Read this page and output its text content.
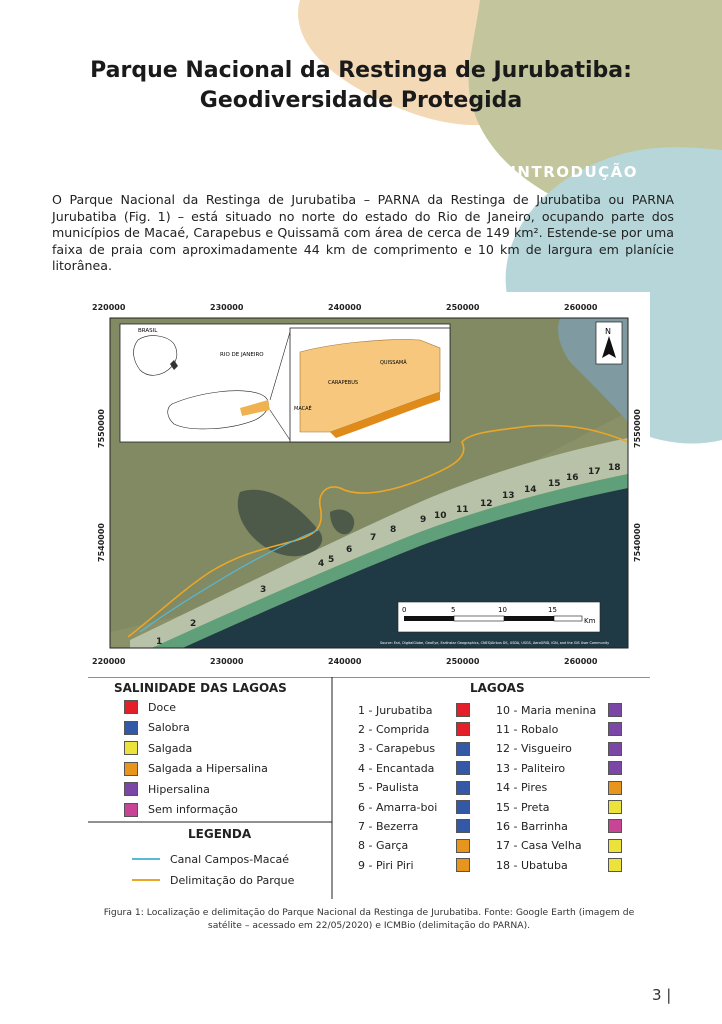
Parque Nacional da Restinga de Jurubatiba:
Geodiversidade Protegida
INTRODUÇÃO

O Parque Nacional da Restinga de Jurubatiba – PARNA da Restinga de Jurubatiba ou PARNA Jurubatiba (Fig. 1) – está situado no norte do estado do Rio de Janeiro, ocupando parte dos municípios de Macaé, Carapebus e Quissamã com área de cerca de 149 km². Estende-se por uma faixa de praia com aproximadamente 44 km de comprimento e 10 km de largura em planície litorânea.

BRASIL
RIO DE JANEIRO
QUISSAMÃ
CARAPEBUS
MACAÉ
N
0	5	10	15
Km
Source: Esri, DigitalGlobe, GeoEye, Earthstar Geographics, CNES/Airbus DS, USDA, USGS, AeroGRID, IGN, and the GIS User Community
220000	230000	240000	250000	260000
220000	230000	240000	250000	260000
7550000
7540000
7550000
7540000
1
2
3
4 5
6
7
8
9 10
11
12
13
14
15
16
17 18
SALINIDADE DAS LAGOAS
Doce
Salobra
Salgada
Salgada a Hipersalina
Hipersalina
Sem informação
LEGENDA
Canal Campos-Macaé
Delimitação do Parque
LAGOAS
1 - Jurubatiba
2 - Comprida
3 - Carapebus
4 - Encantada
5 - Paulista
6 - Amarra-boi
7 - Bezerra
8 - Garça
9 - Piri Piri
10 - Maria menina
11 - Robalo
12 - Visgueiro
13 - Paliteiro
14 - Pires
15 - Preta
16 - Barrinha
17 - Casa Velha
18 - Ubatuba

Figura 1: Localização e delimitação do Parque Nacional da Restinga de Jurubatiba. Fonte: Google Earth (imagem de satélite – acessado em 22/05/2020) e ICMBio (delimitação do PARNA).

3 |
